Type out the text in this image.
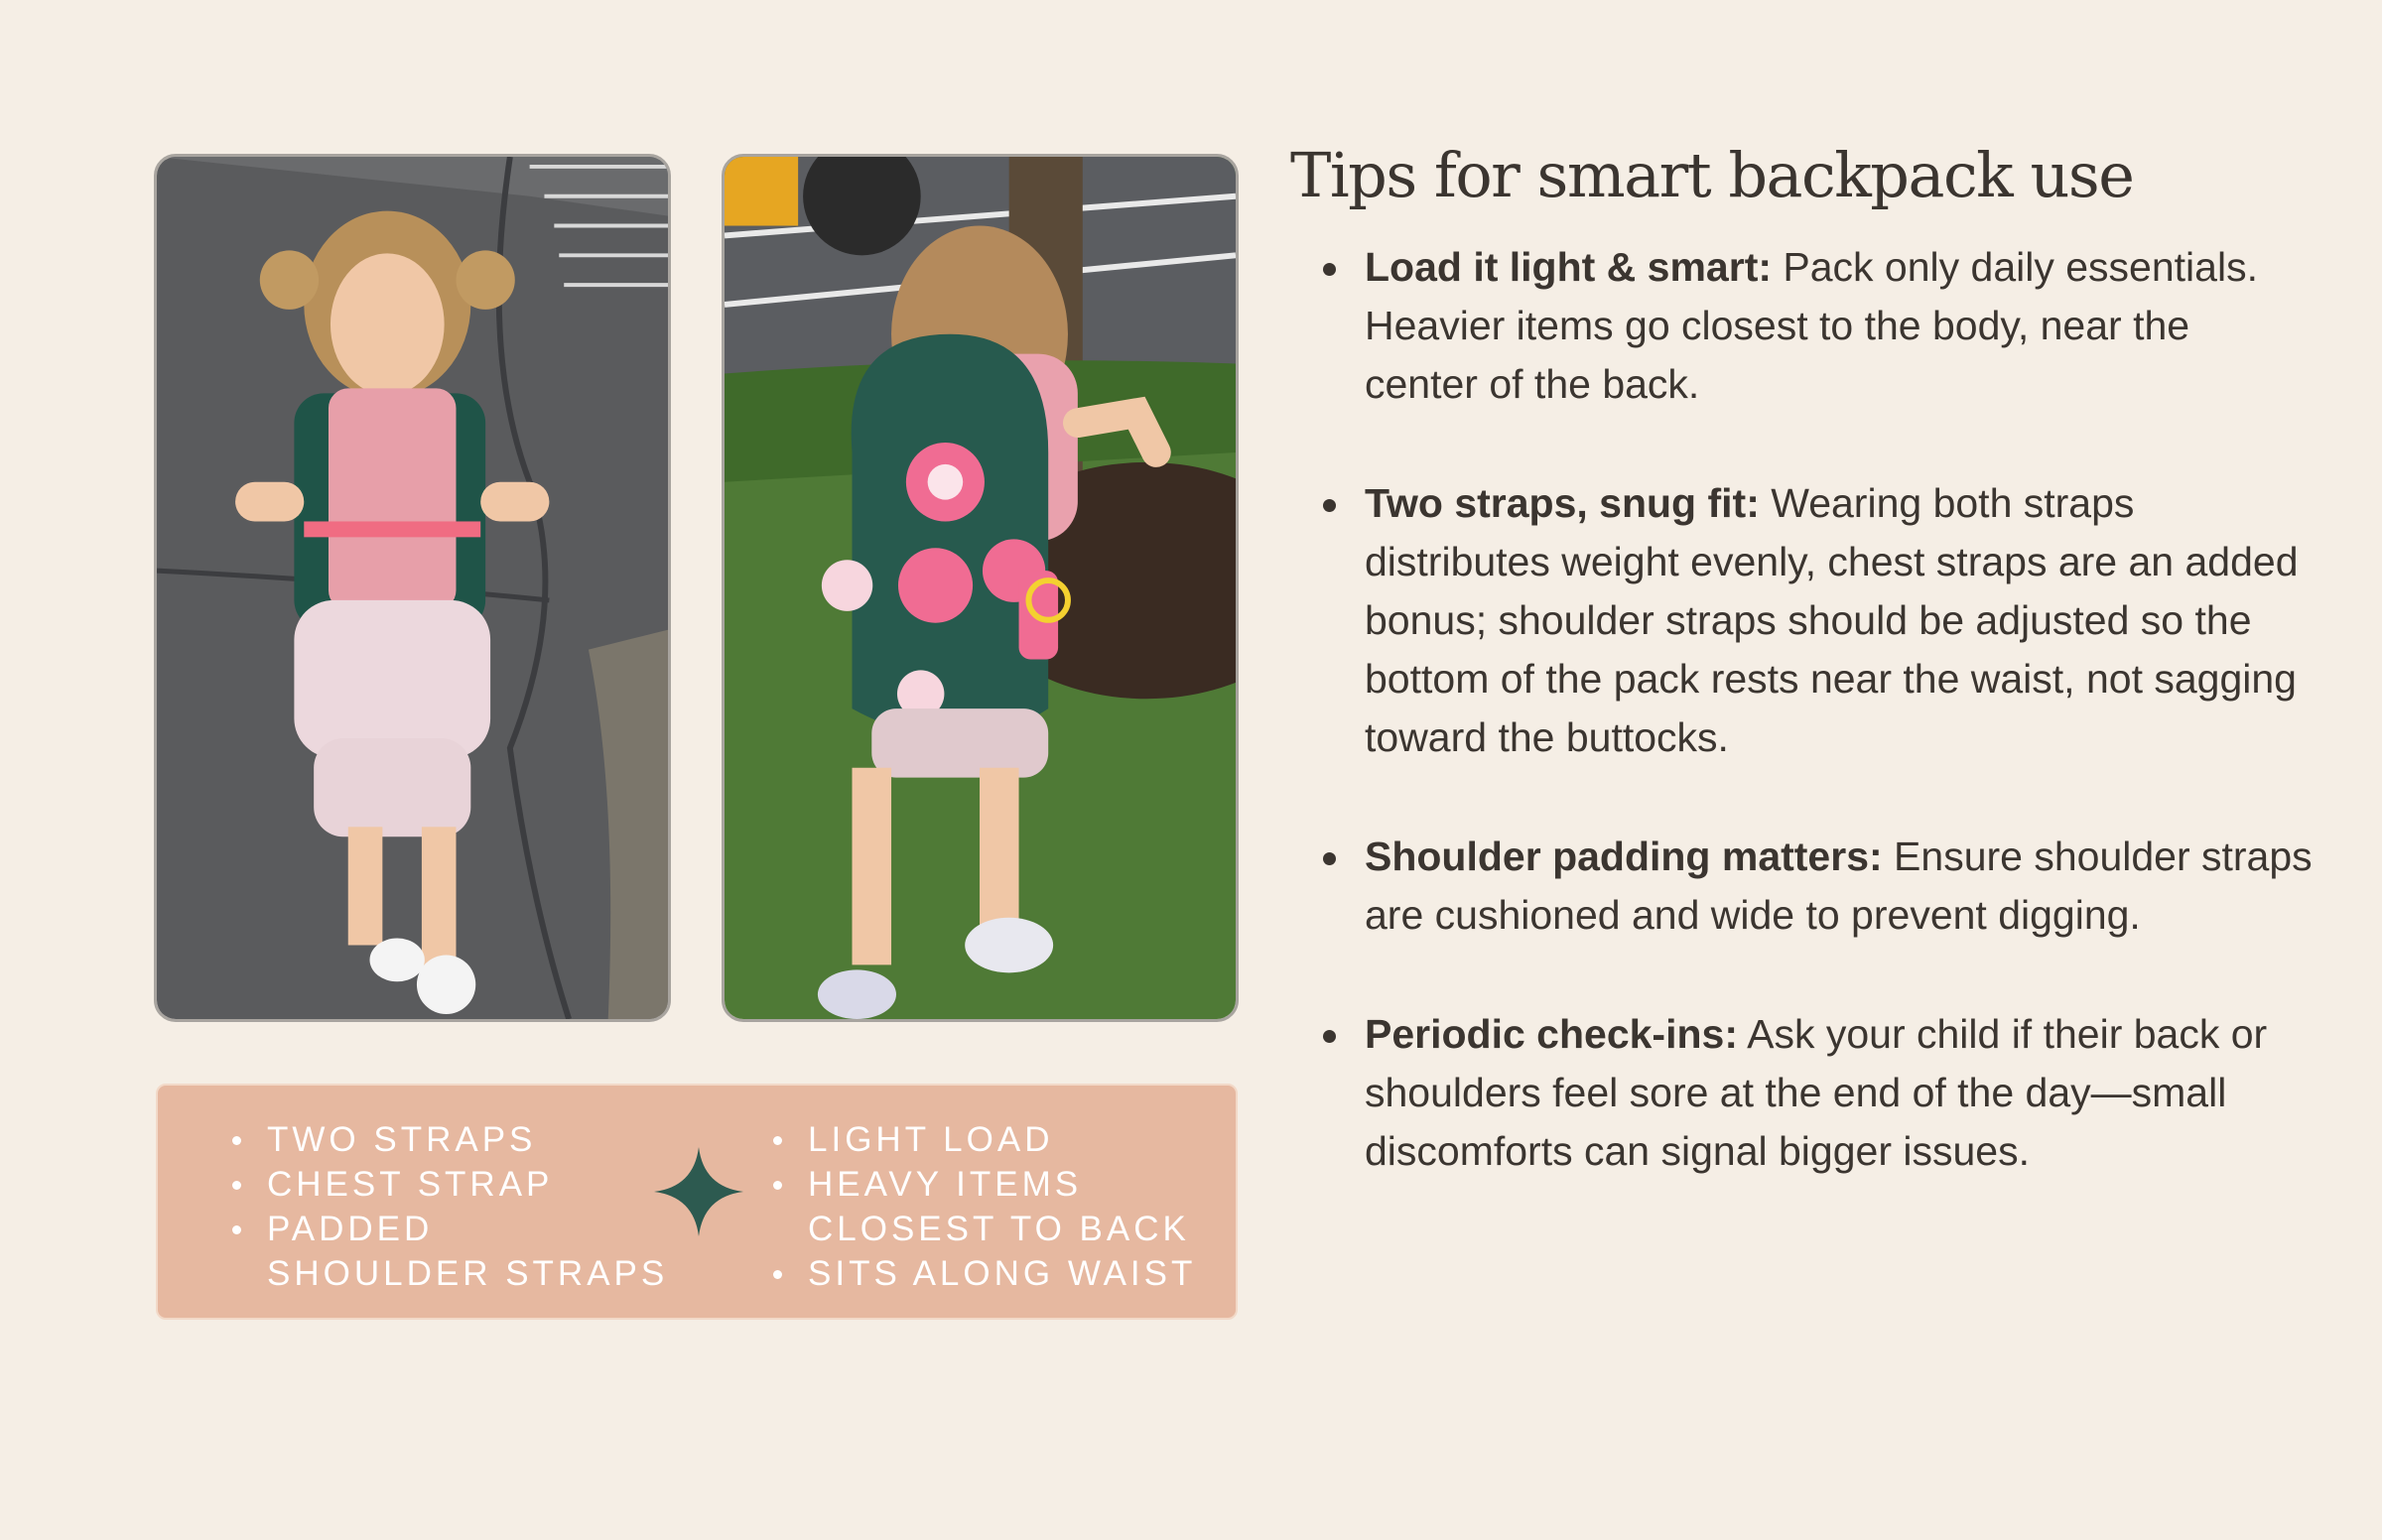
TWO STRAPS
CHEST STRAP
PADDED
SHOULDER STRAPS
LIGHT LOAD
HEAVY ITEMS
CLOSEST TO BACK
SITS ALONG WAIST
Tips for smart backpack use
Load it light & smart: Pack only daily essentials. Heavier items go closest to the body, near the center of the back.
Two straps, snug fit: Wearing both straps distributes weight evenly, chest straps are an added bonus; shoulder straps should be adjusted so the bottom of the pack rests near the waist, not sagging toward the buttocks.
Shoulder padding matters: Ensure shoulder straps are cushioned and wide to prevent digging.
Periodic check-ins: Ask your child if their back or shoulders feel sore at the end of the day—small discomforts can signal bigger issues.
